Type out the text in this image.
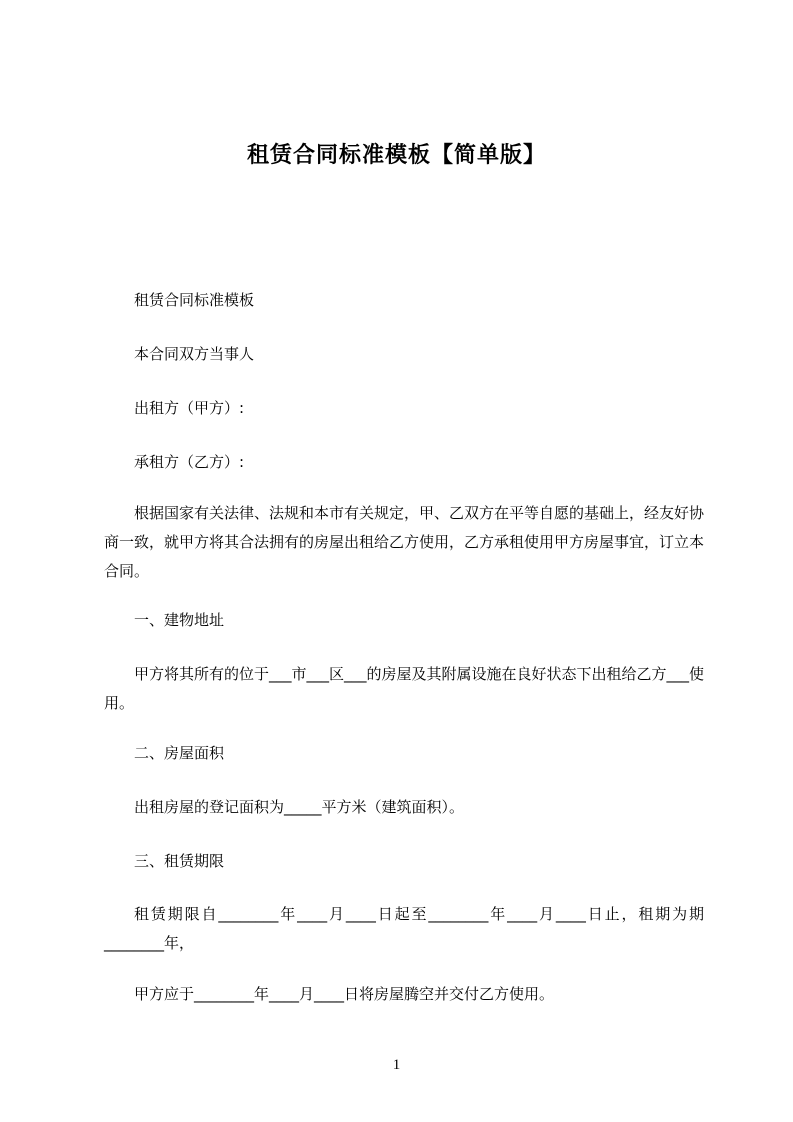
租赁合同标准模板【简单版】

租赁合同标准模板

本合同双方当事人

出租方（甲方）:

承租方（乙方）:

根据国家有关法律、法规和本市有关规定，甲、乙双方在平等自愿的基础上，经友好协商一致，就甲方将其合法拥有的房屋出租给乙方使用，乙方承租使用甲方房屋事宜，订立本合同。

一、建物地址

甲方将其所有的位于___市___区___的房屋及其附属设施在良好状态下出租给乙方___使用。

二、房屋面积

出租房屋的登记面积为_____平方米（建筑面积）。

三、租赁期限

租赁期限自________年____月____日起至________年____月____日止，租期为期________年，

甲方应于________年____月____日将房屋腾空并交付乙方使用。

1
